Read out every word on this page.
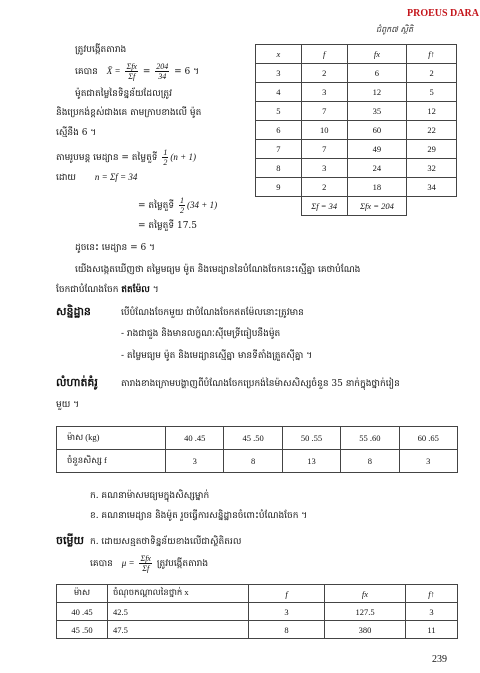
PROEUS DARA
ជំពូក៧ ស្ថិតិ
ត្រូវបង្កើតតារាង
គេបាន X̄ = $\frac{\text{Σfx}}{\Sigma f} = \frac{204}{34} = 6$ ។
ម៉ូតជាតម្លៃនៃទិន្នន័យដែលត្រូវ
និងប្រេកង់ខ្ពស់ជាងគេ តាមក្រាបខាងលើ ម៉ូត
ស្មើនឹង 6 ។
តាមរូបមន្ត មេដ្យាន = តម្លៃតួទី $\frac{1}{2} (n + 1)$
ដោយ n = Σf = 34
= តម្លៃតួទី $\frac{1}{2} (34 + 1)$
= តម្លៃតួទី 17.5
ដូចនេះ មេដ្យាន = 6 ។
x	f	fx	f↑
3	2	6	2
4	3	12	5
5	7	35	12
6	10	60	22
7	7	49	29
8	3	24	32
9	2	18	34
	Σf = 34	Σfx = 204	
យើងសង្កេតឃើញថា តម្លៃមធ្យម ម៉ូត និងមេដ្យាននៃបំណែងចែកនេះស្មើគ្នា គេថាបំណែង
ចែកជាបំណែងចែក ឥតម៉ែល ។
សន្និដ្ឋាន	បើបំណែងចែកមួយ ជាបំណែងចែកឥតម៉ែលនោះត្រូវមាន
- រាងជាជួង និងមានលក្ខណៈស៊ីមេទ្រីធៀបនឹងម៉ូត
- តម្លៃមធ្យម ម៉ូត និងមេដ្យានស្មើគ្នា មានទីតាំងត្រួតស៊ីគ្នា ។
លំហាត់គំរូ	តារាងខាងក្រោមបង្ហាញពីបំណែងចែកប្រេកង់នៃម៉ាសសិស្សចំនួន 35 នាក់ក្នុងថ្នាក់រៀន
មួយ ។
ម៉ាស (kg)	40 .45	45 .50	50 .55	55 .60	60 .65
ចំនួនសិស្ស f	3	8	13	8	3
ក. គណនាម៉ាសមធ្យមក្នុងសិស្សម្នាក់
ខ. គណនាមេដ្យាន និងម៉ូត រួចធ្វើការសន្និដ្ឋានចំពោះបំណែងចែក ។
ចម្លើយ ក. ដោយសន្មតថាទិន្នន័យខាងលើជាស្ថិតិតរល
គេបាន $\mu = \frac{\text{Σfx}}{\Sigma f}$ ត្រូវបង្កើតតារាង
ម៉ាស	ចំណុចកណ្ដាលនៃថ្នាក់ x	f	fx	f↑
40 .45	42.5	3	127.5	3
45 .50	47.5	8	380	11
239
